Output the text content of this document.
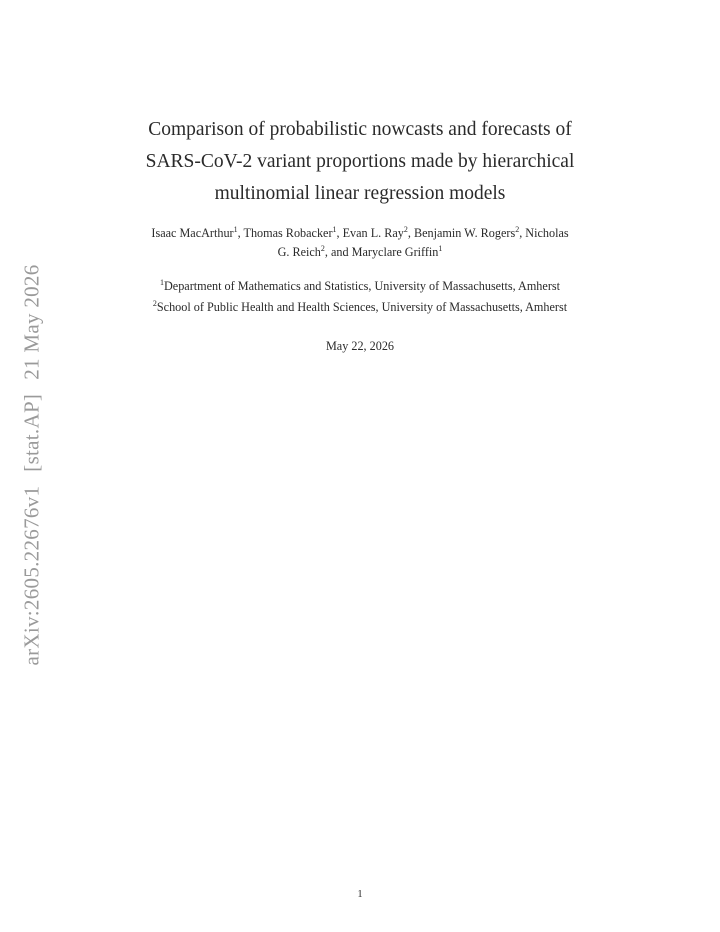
arXiv:2605.22676v1[stat.AP]21 May 2026
Comparison of probabilistic nowcasts and forecasts of
SARS-CoV-2 variant proportions made by hierarchical
multinomial linear regression models
Isaac MacArthur$^1$, Thomas Robacker$^1$, Evan L. Ray$^2$, Benjamin W. Rogers$^2$, Nicholas
G. Reich$^2$, and Maryclare Griffin$^1$
$^1$Department of Mathematics and Statistics, University of Massachusetts, Amherst
$^2$School of Public Health and Health Sciences, University of Massachusetts, Amherst
May 22, 2026
1
